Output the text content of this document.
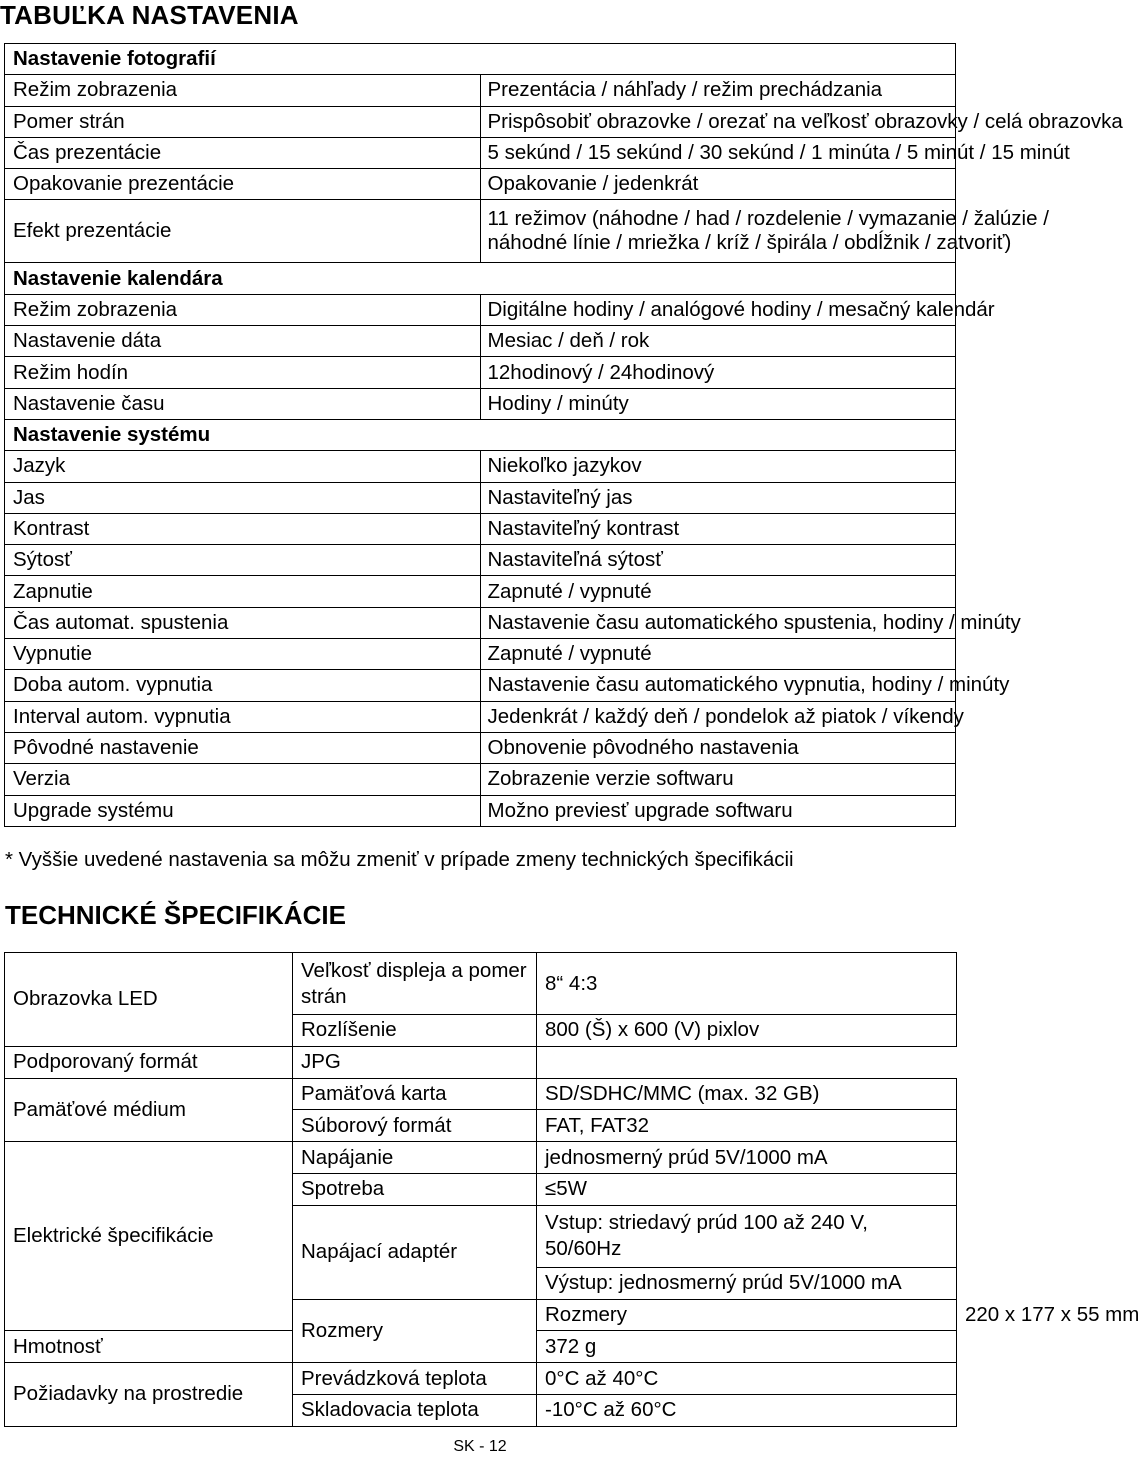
TABUĽKA NASTAVENIA
Nastavenie fotografií	
Režim zobrazenia	Prezentácia / náhľady / režim prechádzania
Pomer strán	Prispôsobiť obrazovke / orezať na veľkosť obrazovky / celá obrazovka
Čas prezentácie	5 sekúnd / 15 sekúnd / 30 sekúnd / 1 minúta / 5 minút / 15 minút
Opakovanie prezentácie	Opakovanie / jedenkrát
Efekt prezentácie	11 režimov (náhodne / had / rozdelenie / vymazanie / žalúzie /
náhodné línie / mriežka / kríž / špirála / obdĺžnik / zatvoriť)

Nastavenie kalendára	
Režim zobrazenia	Digitálne hodiny / analógové hodiny / mesačný kalendár
Nastavenie dáta	Mesiac / deň / rok
Režim hodín	12hodinový / 24hodinový
Nastavenie času	Hodiny / minúty
Nastavenie systému	
Jazyk	Niekoľko jazykov
Jas	Nastaviteľný jas
Kontrast	Nastaviteľný kontrast
Sýtosť	Nastaviteľná sýtosť
Zapnutie	Zapnuté / vypnuté
Čas automat. spustenia	Nastavenie času automatického spustenia, hodiny / minúty
Vypnutie	Zapnuté / vypnuté
Doba autom. vypnutia	Nastavenie času automatického vypnutia, hodiny / minúty
Interval autom. vypnutia	Jedenkrát / každý deň / pondelok až piatok / víkendy
Pôvodné nastavenie	Obnovenie pôvodného nastavenia
Verzia	Zobrazenie verzie softwaru
Upgrade systému	Možno previesť upgrade softwaru
* Vyššie uvedené nastavenia sa môžu zmeniť v prípade zmeny technických špecifikácii
TECHNICKÉ ŠPECIFIKÁCIE
Obrazovka LED	Veľkosť displeja a pomer strán	8“ 4:3	
	Rozlíšenie	800 (Š) x 600 (V) pixlov	
Podporovaný formát	JPG		
Pamäťové médium	Pamäťová karta	SD/SDHC/MMC (max. 32 GB)	
	Súborový formát	FAT, FAT32	
Elektrické špecifikácie	Napájanie	jednosmerný prúd 5V/1000 mA	
	Spotreba	≤5W	
	Napájací adaptér	Vstup: striedavý prúd 100 až 240 V, 50/60Hz	
		Výstup: jednosmerný prúd 5V/1000 mA	
	Rozmery	Rozmery	220 x 177 x 55 mm
Hmotnosť		372 g	
Požiadavky na prostredie	Prevádzková teplota	0°C až 40°C	
	Skladovacia teplota	-10°C až 60°C	
SK - 12
